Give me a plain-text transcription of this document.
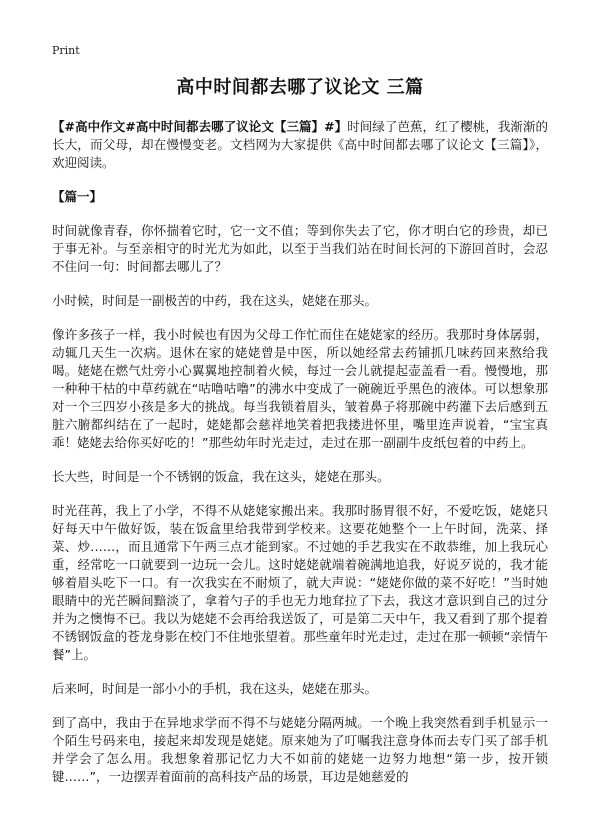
Print
高中时间都去哪了议论文 三篇

【#高中作文#高中时间都去哪了议论文【三篇】#】时间绿了芭蕉，红了樱桃，我渐渐的长大，而父母，却在慢慢变老。文档网为大家提供《高中时间都去哪了议论文【三篇】》，欢迎阅读。

【篇一】

时间就像青春，你怀揣着它时，它一文不值；等到你失去了它，你才明白它的珍贵，却已于事无补。与至亲相守的时光尤为如此，以至于当我们站在时间长河的下游回首时，会忍不住问一句：时间都去哪儿了？

小时候，时间是一副极苦的中药，我在这头，姥姥在那头。

像许多孩子一样，我小时候也有因为父母工作忙而住在姥姥家的经历。我那时身体孱弱，动辄几天生一次病。退休在家的姥姥曾是中医，所以她经常去药铺抓几味药回来熬给我喝。姥姥在燃气灶旁小心翼翼地控制着火候，每过一会儿就提起壶盖看一看。慢慢地，那一种种干枯的中草药就在“咕噜咕噜”的沸水中变成了一碗碗近乎黑色的液体。可以想象那对一个三四岁小孩是多大的挑战。每当我锁着眉头，皱着鼻子将那碗中药灌下去后感到五脏六腑都纠结在了一起时，姥姥都会慈祥地笑着把我搂进怀里，嘴里连声说着，“宝宝真乖！姥姥去给你买好吃的！”那些幼年时光走过，走过在那一副副牛皮纸包着的中药上。

长大些，时间是一个不锈钢的饭盒，我在这头，姥姥在那头。

时光荏苒，我上了小学，不得不从姥姥家搬出来。我那时肠胃很不好，不爱吃饭，姥姥只好每天中午做好饭，装在饭盒里给我带到学校来。这要花她整个一上午时间，洗菜、择菜、炒……，而且通常下午两三点才能到家。不过她的手艺我实在不敢恭维，加上我玩心重，经常吃一口就要到一边玩一会儿。这时姥姥就端着碗满地追我，好说歹说的，我才能够着眉头吃下一口。有一次我实在不耐烦了，就大声说：“姥姥你做的菜不好吃！”当时她眼睛中的光芒瞬间黯淡了，拿着勺子的手也无力地耷拉了下去，我这才意识到自己的过分并为之懊悔不已。我以为姥姥不会再给我送饭了，可是第二天中午，我又看到了那个提着不锈钢饭盒的苍龙身影在校门不住地张望着。那些童年时光走过，走过在那一顿顿“亲情午餐”上。

后来呵，时间是一部小小的手机，我在这头，姥姥在那头。

到了高中，我由于在异地求学而不得不与姥姥分隔两城。一个晚上我突然看到手机显示一个陌生号码来电，接起来却发现是姥姥。原来她为了叮嘱我注意身体而去专门买了部手机并学会了怎么用。我想象着那记忆力大不如前的姥姥一边努力地想“第一步，按开锁键……”，一边摆弄着面前的高科技产品的场景，耳边是她慈爱的
